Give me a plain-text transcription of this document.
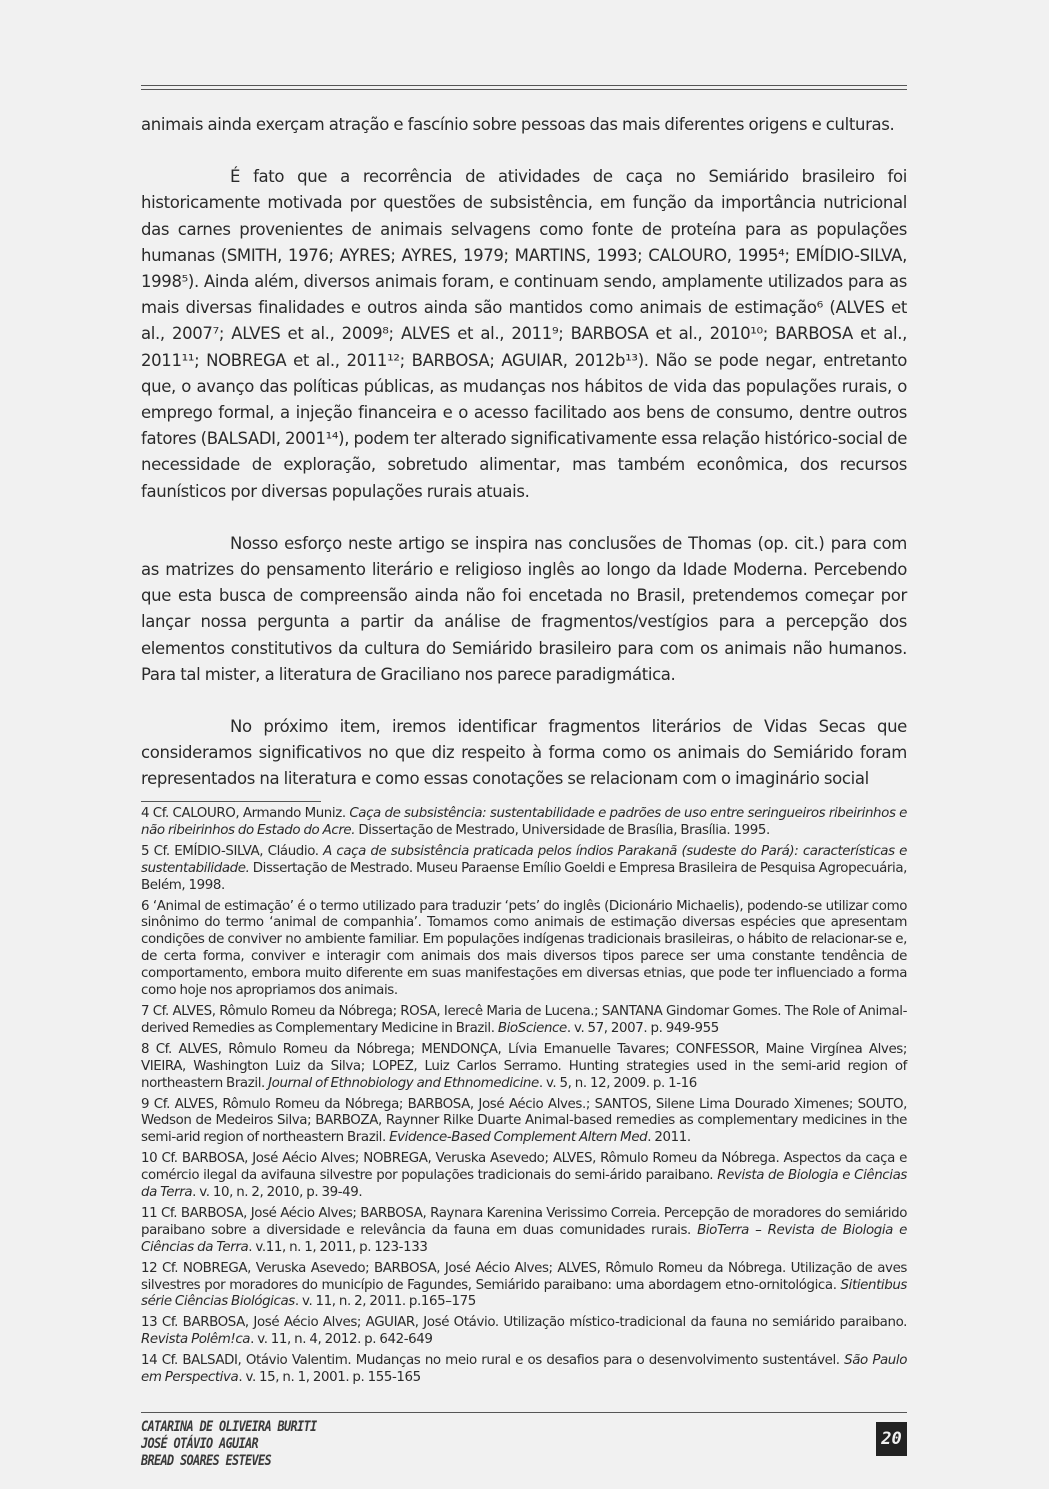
animais ainda exerçam atração e fascínio sobre pessoas das mais diferentes origens e culturas.

É fato que a recorrência de atividades de caça no Semiárido brasileiro foi historicamente motivada por questões de subsistência, em função da importância nutricional das carnes provenientes de animais selvagens como fonte de proteína para as populações humanas (SMITH, 1976; AYRES; AYRES, 1979; MARTINS, 1993; CALOURO, 1995⁴; EMÍDIO-SILVA, 1998⁵). Ainda além, diversos animais foram, e continuam sendo, amplamente utilizados para as mais diversas finalidades e outros ainda são mantidos como animais de estimação⁶ (ALVES et al., 2007⁷; ALVES et al., 2009⁸; ALVES et al., 2011⁹; BARBOSA et al., 2010¹⁰; BARBOSA et al., 2011¹¹; NOBREGA et al., 2011¹²; BARBOSA; AGUIAR, 2012b¹³). Não se pode negar, entretanto que, o avanço das políticas públicas, as mudanças nos hábitos de vida das populações rurais, o emprego formal, a injeção financeira e o acesso facilitado aos bens de consumo, dentre outros fatores (BALSADI, 2001¹⁴), podem ter alterado significativamente essa relação histórico-social de necessidade de exploração, sobretudo alimentar, mas também econômica, dos recursos faunísticos por diversas populações rurais atuais.

Nosso esforço neste artigo se inspira nas conclusões de Thomas (op. cit.) para com as matrizes do pensamento literário e religioso inglês ao longo da Idade Moderna. Percebendo que esta busca de compreensão ainda não foi encetada no Brasil, pretendemos começar por lançar nossa pergunta a partir da análise de fragmentos/vestígios para a percepção dos elementos constitutivos da cultura do Semiárido brasileiro para com os animais não humanos. Para tal mister, a literatura de Graciliano nos parece paradigmática.

No próximo item, iremos identificar fragmentos literários de Vidas Secas que consideramos significativos no que diz respeito à forma como os animais do Semiárido foram representados na literatura e como essas conotações se relacionam com o imaginário social

4 Cf. CALOURO, Armando Muniz. Caça de subsistência: sustentabilidade e padrões de uso entre seringueiros ribeirinhos e não ribeirinhos do Estado do Acre. Dissertação de Mestrado, Universidade de Brasília, Brasília. 1995.

5 Cf. EMÍDIO-SILVA, Cláudio. A caça de subsistência praticada pelos índios Parakanã (sudeste do Pará): características e sustentabilidade. Dissertação de Mestrado. Museu Paraense Emílio Goeldi e Empresa Brasileira de Pesquisa Agropecuária, Belém, 1998.

6 ‘Animal de estimação’ é o termo utilizado para traduzir ‘pets’ do inglês (Dicionário Michaelis), podendo-se utilizar como sinônimo do termo ‘animal de companhia’. Tomamos como animais de estimação diversas espécies que apresentam condições de conviver no ambiente familiar. Em populações indígenas tradicionais brasileiras, o hábito de relacionar-se e, de certa forma, conviver e interagir com animais dos mais diversos tipos parece ser uma constante tendência de comportamento, embora muito diferente em suas manifestações em diversas etnias, que pode ter influenciado a forma como hoje nos apropriamos dos animais.

7 Cf. ALVES, Rômulo Romeu da Nóbrega; ROSA, Ierecê Maria de Lucena.; SANTANA Gindomar Gomes. The Role of Animal-derived Remedies as Complementary Medicine in Brazil. BioScience. v. 57, 2007. p. 949-955

8 Cf. ALVES, Rômulo Romeu da Nóbrega; MENDONÇA, Lívia Emanuelle Tavares; CONFESSOR, Maine Virgínea Alves; VIEIRA, Washington Luiz da Silva; LOPEZ, Luiz Carlos Serramo. Hunting strategies used in the semi-arid region of northeastern Brazil. Journal of Ethnobiology and Ethnomedicine. v. 5, n. 12, 2009. p. 1-16

9 Cf. ALVES, Rômulo Romeu da Nóbrega; BARBOSA, José Aécio Alves.; SANTOS, Silene Lima Dourado Ximenes; SOUTO, Wedson de Medeiros Silva; BARBOZA, Raynner Rilke Duarte Animal-based remedies as complementary medicines in the semi-arid region of northeastern Brazil. Evidence-Based Complement Altern Med. 2011.

10 Cf. BARBOSA, José Aécio Alves; NOBREGA, Veruska Asevedo; ALVES, Rômulo Romeu da Nóbrega. Aspectos da caça e comércio ilegal da avifauna silvestre por populações tradicionais do semi-árido paraibano. Revista de Biologia e Ciências da Terra. v. 10, n. 2, 2010, p. 39-49.

11 Cf. BARBOSA, José Aécio Alves; BARBOSA, Raynara Karenina Verissimo Correia. Percepção de moradores do semiárido paraibano sobre a diversidade e relevância da fauna em duas comunidades rurais. BioTerra – Revista de Biologia e Ciências da Terra. v.11, n. 1, 2011, p. 123-133

12 Cf. NOBREGA, Veruska Asevedo; BARBOSA, José Aécio Alves; ALVES, Rômulo Romeu da Nóbrega. Utilização de aves silvestres por moradores do município de Fagundes, Semiárido paraibano: uma abordagem etno-ornitológica. Sitientibus série Ciências Biológicas. v. 11, n. 2, 2011. p.165–175

13 Cf. BARBOSA, José Aécio Alves; AGUIAR, José Otávio. Utilização místico-tradicional da fauna no semiárido paraibano. Revista Polêm!ca. v. 11, n. 4, 2012. p. 642-649

14 Cf. BALSADI, Otávio Valentim. Mudanças no meio rural e os desafios para o desenvolvimento sustentável. São Paulo em Perspectiva. v. 15, n. 1, 2001. p. 155-165

CATARINA DE OLIVEIRA BURITI
JOSÉ OTÁVIO AGUIAR
BREAD SOARES ESTEVES
20
